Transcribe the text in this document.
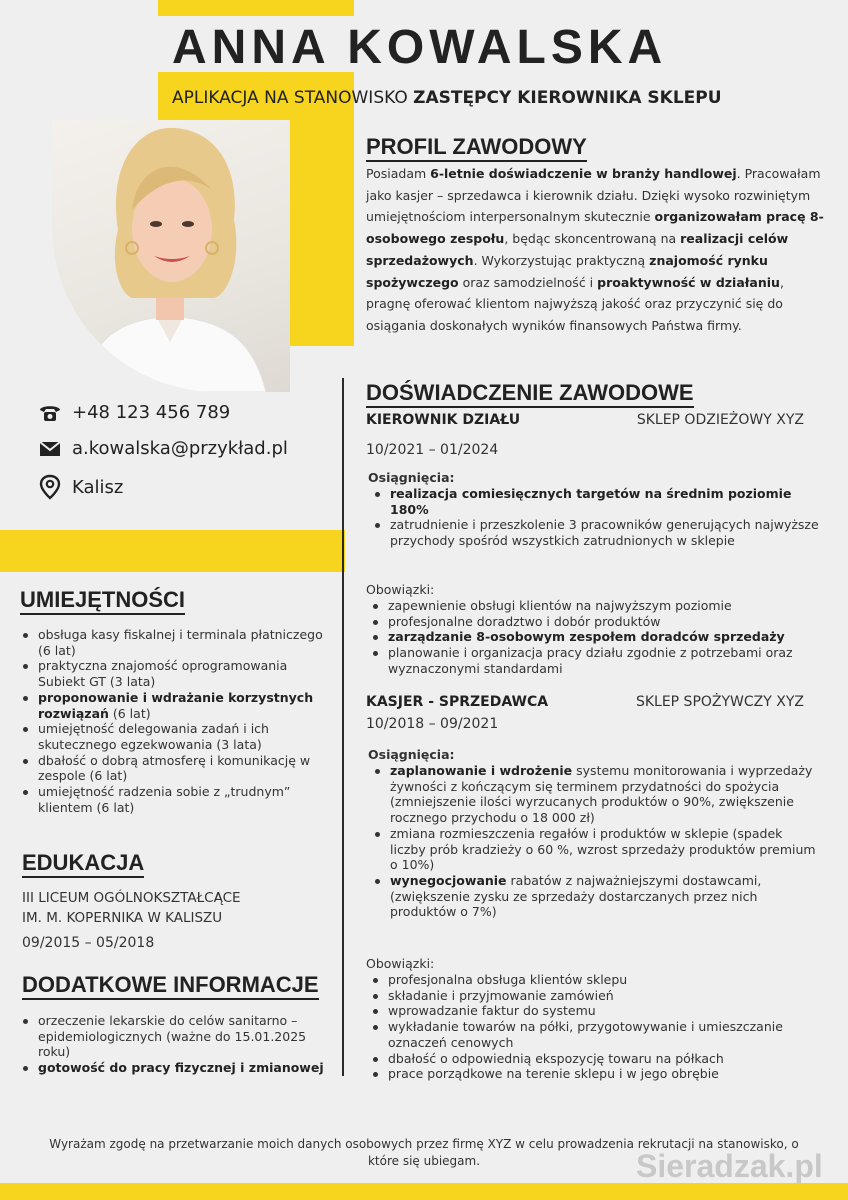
ANNA KOWALSKA
APLIKACJA NA STANOWISKO ZASTĘPCY KIEROWNIKA SKLEPU
+48 123 456 789
a.kowalska@przykład.pl
Kalisz
PROFIL ZAWODOWY
Posiadam 6-letnie doświadczenie w branży handlowej. Pracowałam jako kasjer – sprzedawca i kierownik działu. Dzięki wysoko rozwiniętym umiejętnościom interpersonalnym skutecznie organizowałam pracę 8-osobowego zespołu, będąc skoncentrowaną na realizacji celów sprzedażowych. Wykorzystując praktyczną znajomość rynku spożywczego oraz samodzielność i proaktywność w działaniu, pragnę oferować klientom najwyższą jakość oraz przyczynić się do osiągania doskonałych wyników finansowych Państwa firmy.
DOŚWIADCZENIE ZAWODOWE
KIEROWNIK DZIAŁU	SKLEP ODZIEŻOWY XYZ
10/2021 – 01/2024
Osiągnięcia:
realizacja comiesięcznych targetów na średnim poziomie 180%
zatrudnienie i przeszkolenie 3 pracowników generujących najwyższe przychody spośród wszystkich zatrudnionych w sklepie
Obowiązki:
zapewnienie obsługi klientów na najwyższym poziomie
profesjonalne doradztwo i dobór produktów
zarządzanie 8-osobowym zespołem doradców sprzedaży
planowanie i organizacja pracy działu zgodnie z potrzebami oraz wyznaczonymi standardami
KASJER - SPRZEDAWCA	SKLEP SPOŻYWCZY XYZ
10/2018 – 09/2021
Osiągnięcia:
zaplanowanie i wdrożenie systemu monitorowania i wyprzedaży żywności z kończącym się terminem przydatności do spożycia (zmniejszenie ilości wyrzucanych produktów o 90%, zwiększenie rocznego przychodu o 18 000 zł)
zmiana rozmieszczenia regałów i produktów w sklepie (spadek liczby prób kradzieży o 60 %, wzrost sprzedaży produktów premium o 10%)
wynegocjowanie rabatów z najważniejszymi dostawcami, (zwiększenie zysku ze sprzedaży dostarczanych przez nich produktów o 7%)
Obowiązki:
profesjonalna obsługa klientów sklepu
składanie i przyjmowanie zamówień
wprowadzanie faktur do systemu
wykładanie towarów na półki, przygotowywanie i umieszczanie oznaczeń cenowych
dbałość o odpowiednią ekspozycję towaru na półkach
prace porządkowe na terenie sklepu i w jego obrębie
UMIEJĘTNOŚCI
obsługa kasy fiskalnej i terminala płatniczego (6 lat)
praktyczna znajomość oprogramowania Subiekt GT (3 lata)
proponowanie i wdrażanie korzystnych rozwiązań (6 lat)
umiejętność delegowania zadań i ich skutecznego egzekwowania (3 lata)
dbałość o dobrą atmosferę i komunikację w zespole (6 lat)
umiejętność radzenia sobie z „trudnym” klientem (6 lat)
EDUKACJA
III LICEUM OGÓLNOKSZTAŁCĄCE
IM. M. KOPERNIKA W KALISZU
09/2015 – 05/2018
DODATKOWE INFORMACJE
orzeczenie lekarskie do celów sanitarno – epidemiologicznych (ważne do 15.01.2025 roku)
gotowość do pracy fizycznej i zmianowej
Wyrażam zgodę na przetwarzanie moich danych osobowych przez firmę XYZ w celu prowadzenia rekrutacji na stanowisko, o które się ubiegam.	Sieradzak.pl
